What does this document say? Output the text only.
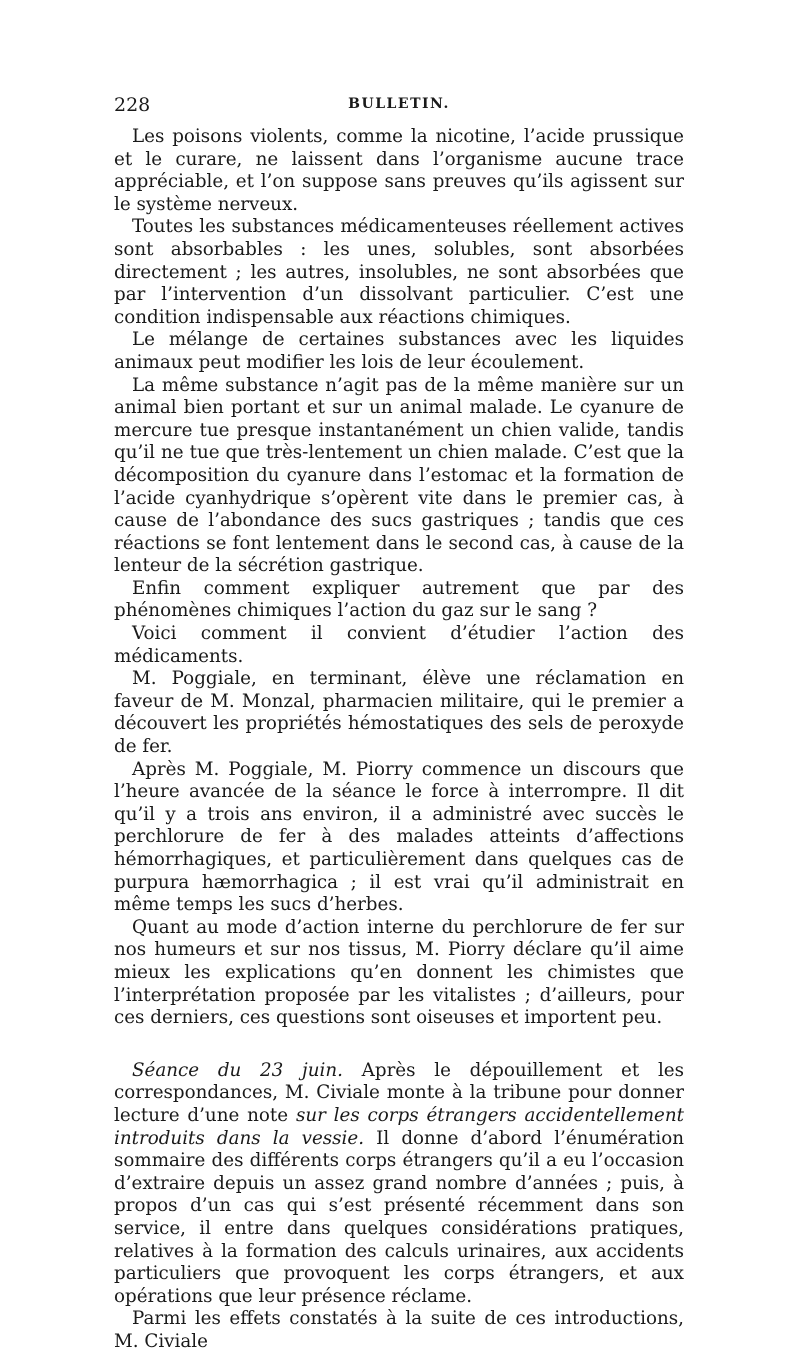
228	BULLETIN.

Les poisons violents, comme la nicotine, l’acide prussique et le curare, ne laissent dans l’organisme aucune trace appréciable, et l’on suppose sans preuves qu’ils agissent sur le système nerveux.

Toutes les substances médicamenteuses réellement actives sont absorbables : les unes, solubles, sont absorbées directement ; les autres, insolubles, ne sont absorbées que par l’intervention d’un dissolvant particulier. C’est une condition indispensable aux réactions chimiques.

Le mélange de certaines substances avec les liquides animaux peut modifier les lois de leur écoulement.

La même substance n’agit pas de la même manière sur un animal bien portant et sur un animal malade. Le cyanure de mercure tue presque instantanément un chien valide, tandis qu’il ne tue que très-lentement un chien malade. C’est que la décomposition du cyanure dans l’estomac et la formation de l’acide cyanhydrique s’opèrent vite dans le premier cas, à cause de l’abondance des sucs gastriques ; tandis que ces réactions se font lentement dans le second cas, à cause de la lenteur de la sécrétion gastrique.

Enfin comment expliquer autrement que par des phénomènes chimiques l’action du gaz sur le sang ?

Voici comment il convient d’étudier l’action des médicaments.

M. Poggiale, en terminant, élève une réclamation en faveur de M. Monzal, pharmacien militaire, qui le premier a découvert les propriétés hémostatiques des sels de peroxyde de fer.

Après M. Poggiale, M. Piorry commence un discours que l’heure avancée de la séance le force à interrompre. Il dit qu’il y a trois ans environ, il a administré avec succès le perchlorure de fer à des malades atteints d’affections hémorrhagiques, et particulièrement dans quelques cas de purpura hæmorrhagica ; il est vrai qu’il administrait en même temps les sucs d’herbes.

Quant au mode d’action interne du perchlorure de fer sur nos humeurs et sur nos tissus, M. Piorry déclare qu’il aime mieux les explications qu’en donnent les chimistes que l’interprétation proposée par les vitalistes ; d’ailleurs, pour ces derniers, ces questions sont oiseuses et importent peu.

Séance du 23 juin. Après le dépouillement et les correspondances, M. Civiale monte à la tribune pour donner lecture d’une note sur les corps étrangers accidentellement introduits dans la vessie. Il donne d’abord l’énumération sommaire des différents corps étrangers qu’il a eu l’occasion d’extraire depuis un assez grand nombre d’années ; puis, à propos d’un cas qui s’est présenté récemment dans son service, il entre dans quelques considérations pratiques, relatives à la formation des calculs urinaires, aux accidents particuliers que provoquent les corps étrangers, et aux opérations que leur présence réclame.

Parmi les effets constatés à la suite de ces introductions, M. Civiale
